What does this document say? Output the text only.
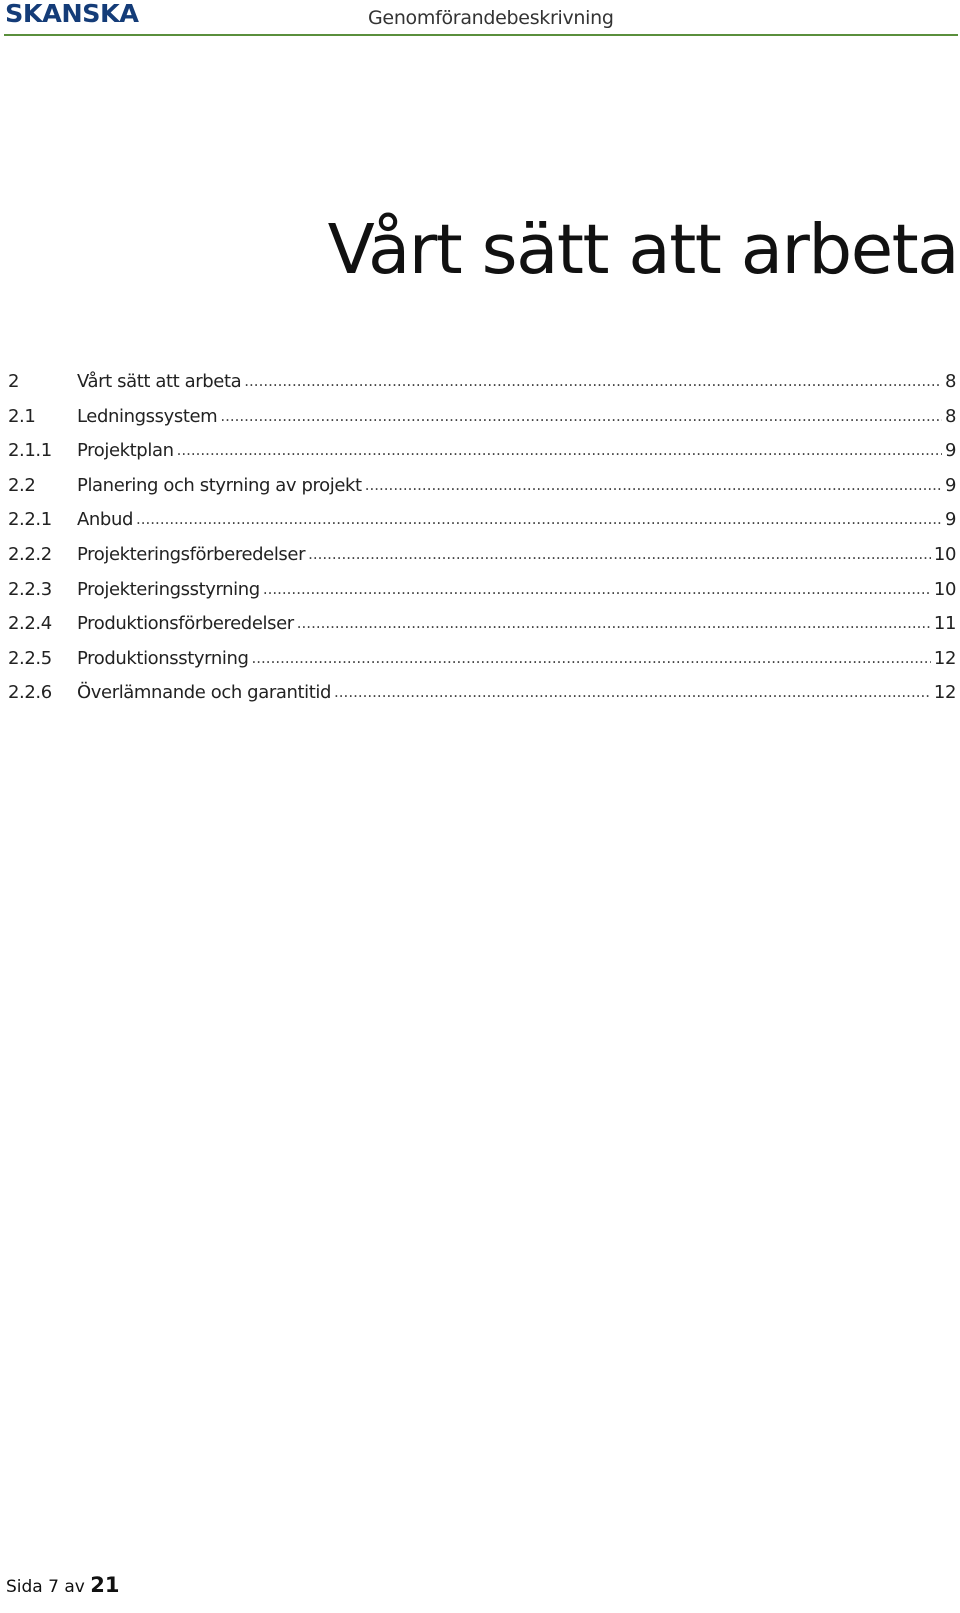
SKANSKA	Genomförandebeskrivning
Vårt sätt att arbeta
2	Vårt sätt att arbeta .....	8
2.1	Ledningssystem .....	8
2.1.1	Projektplan .....	9
2.2	Planering och styrning av projekt .....	9
2.2.1	Anbud .....	9
2.2.2	Projekteringsförberedelser .....	10
2.2.3	Projekteringsstyrning .....	10
2.2.4	Produktionsförberedelser .....	11
2.2.5	Produktionsstyrning .....	12
2.2.6	Överlämnande och garantitid .....	12
Sida 7 av 21
